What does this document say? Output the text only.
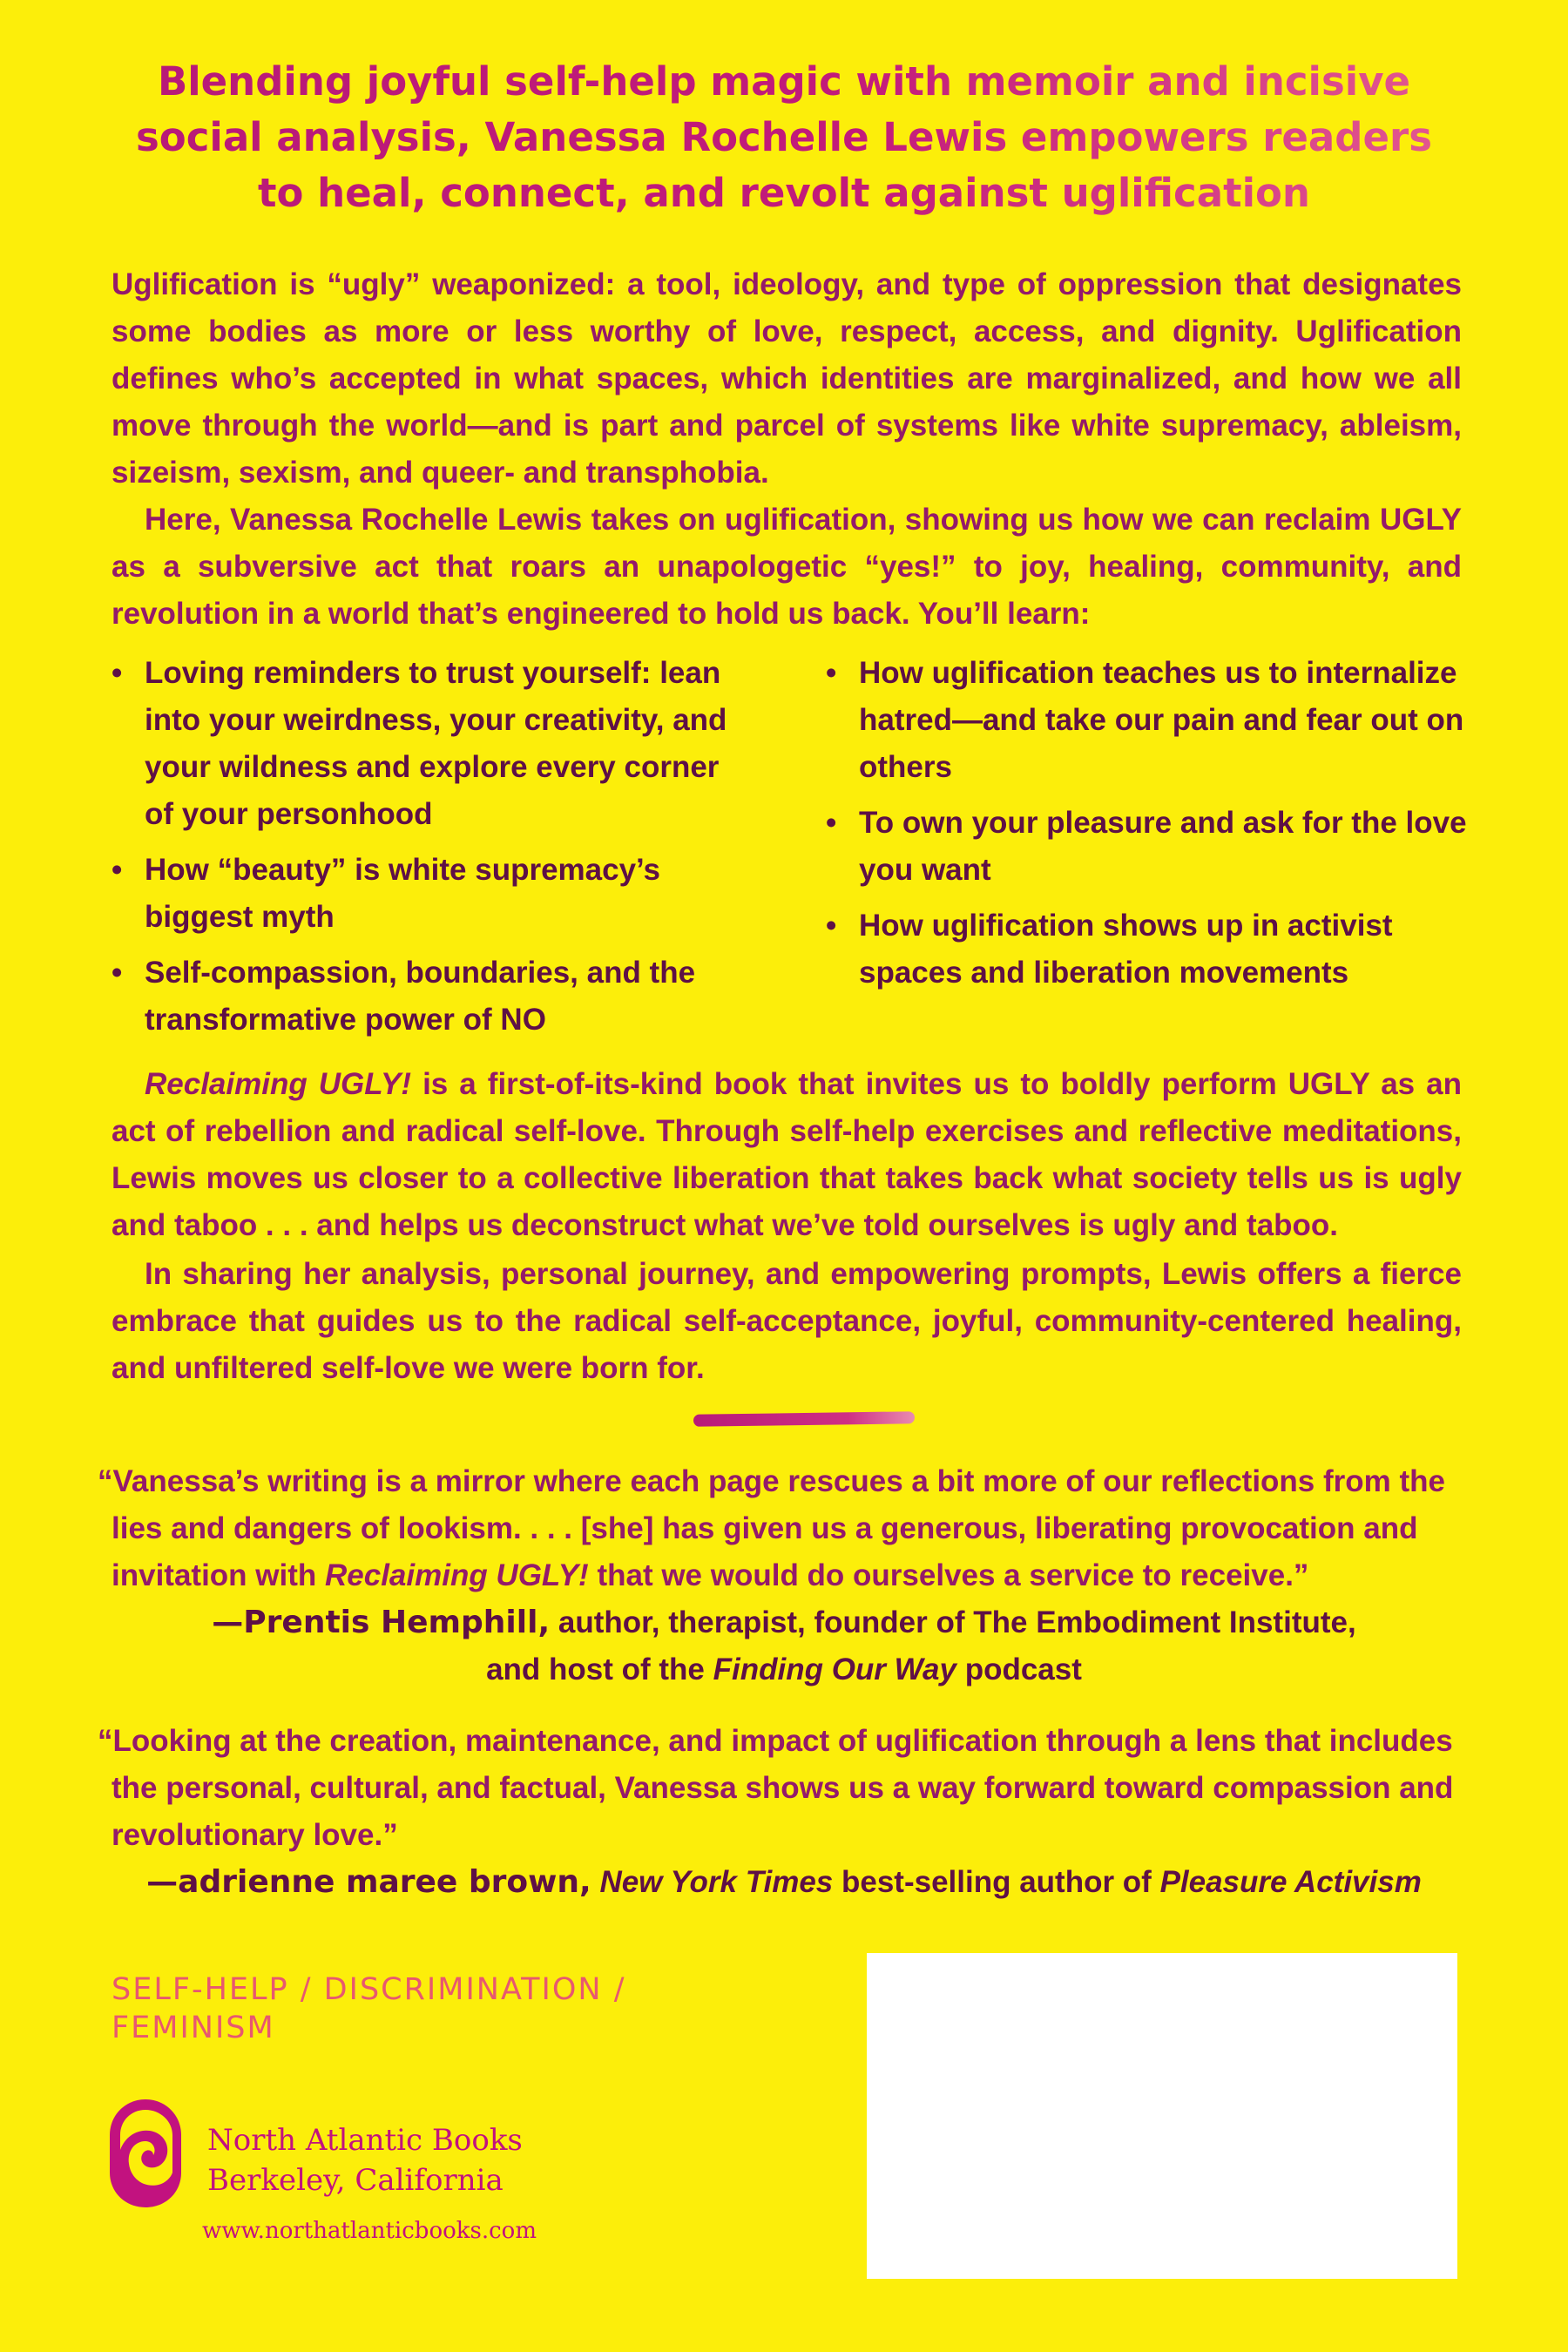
Blending joyful self-help magic with memoir and incisive
social analysis, Vanessa Rochelle Lewis empowers readers
to heal, connect, and revolt against uglification

Uglification is “ugly” weaponized: a tool, ideology, and type of oppression that designates some bodies as more or less worthy of love, respect, access, and dignity. Uglification defines who’s accepted in what spaces, which identities are marginalized, and how we all move through the world—and is part and parcel of systems like white supremacy, ableism, sizeism, sexism, and queer- and transphobia.

Here, Vanessa Rochelle Lewis takes on uglification, showing us how we can reclaim UGLY as a subversive act that roars an unapologetic “yes!” to joy, healing, community, and revolution in a world that’s engineered to hold us back. You’ll learn:

• Loving reminders to trust yourself: lean into your weirdness, your creativity, and your wildness and explore every corner of your personhood
• How “beauty” is white supremacy’s biggest myth
• Self-compassion, boundaries, and the transformative power of NO
• How uglification teaches us to internalize hatred—and take our pain and fear out on others
• To own your pleasure and ask for the love you want
• How uglification shows up in activist spaces and liberation movements

Reclaiming UGLY! is a first-of-its-kind book that invites us to boldly perform UGLY as an act of rebellion and radical self-love. Through self-help exercises and reflective meditations, Lewis moves us closer to a collective liberation that takes back what society tells us is ugly and taboo . . . and helps us deconstruct what we’ve told ourselves is ugly and taboo.

In sharing her analysis, personal journey, and empowering prompts, Lewis offers a fierce embrace that guides us to the radical self-acceptance, joyful, community-centered healing, and unfiltered self-love we were born for.

“Vanessa’s writing is a mirror where each page rescues a bit more of our reflections from the
lies and dangers of lookism. . . . [she] has given us a generous, liberating provocation and
invitation with Reclaiming UGLY! that we would do ourselves a service to receive.”

—Prentis Hemphill, author, therapist, founder of The Embodiment Institute,
and host of the Finding Our Way podcast

“Looking at the creation, maintenance, and impact of uglification through a lens that includes
the personal, cultural, and factual, Vanessa shows us a way forward toward compassion and
revolutionary love.”

—adrienne maree brown, New York Times best-selling author of Pleasure Activism

SELF-HELP / DISCRIMINATION /
FEMINISM

North Atlantic Books

Berkeley, California

www.northatlanticbooks.com
